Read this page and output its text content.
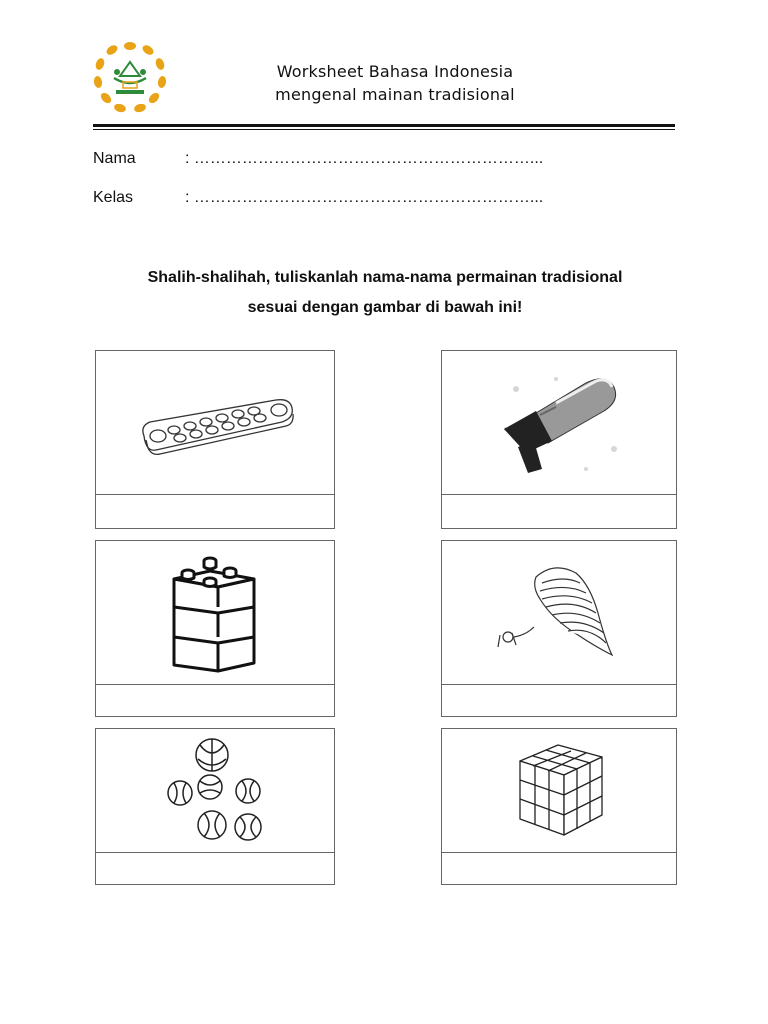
Worksheet Bahasa Indonesia
mengenal mainan tradisional
Nama	: ………………………………………………………...
Kelas	: ………………………………………………………...
Shalih-shalihah, tuliskanlah nama-nama permainan tradisional
sesuai dengan gambar di bawah ini!
